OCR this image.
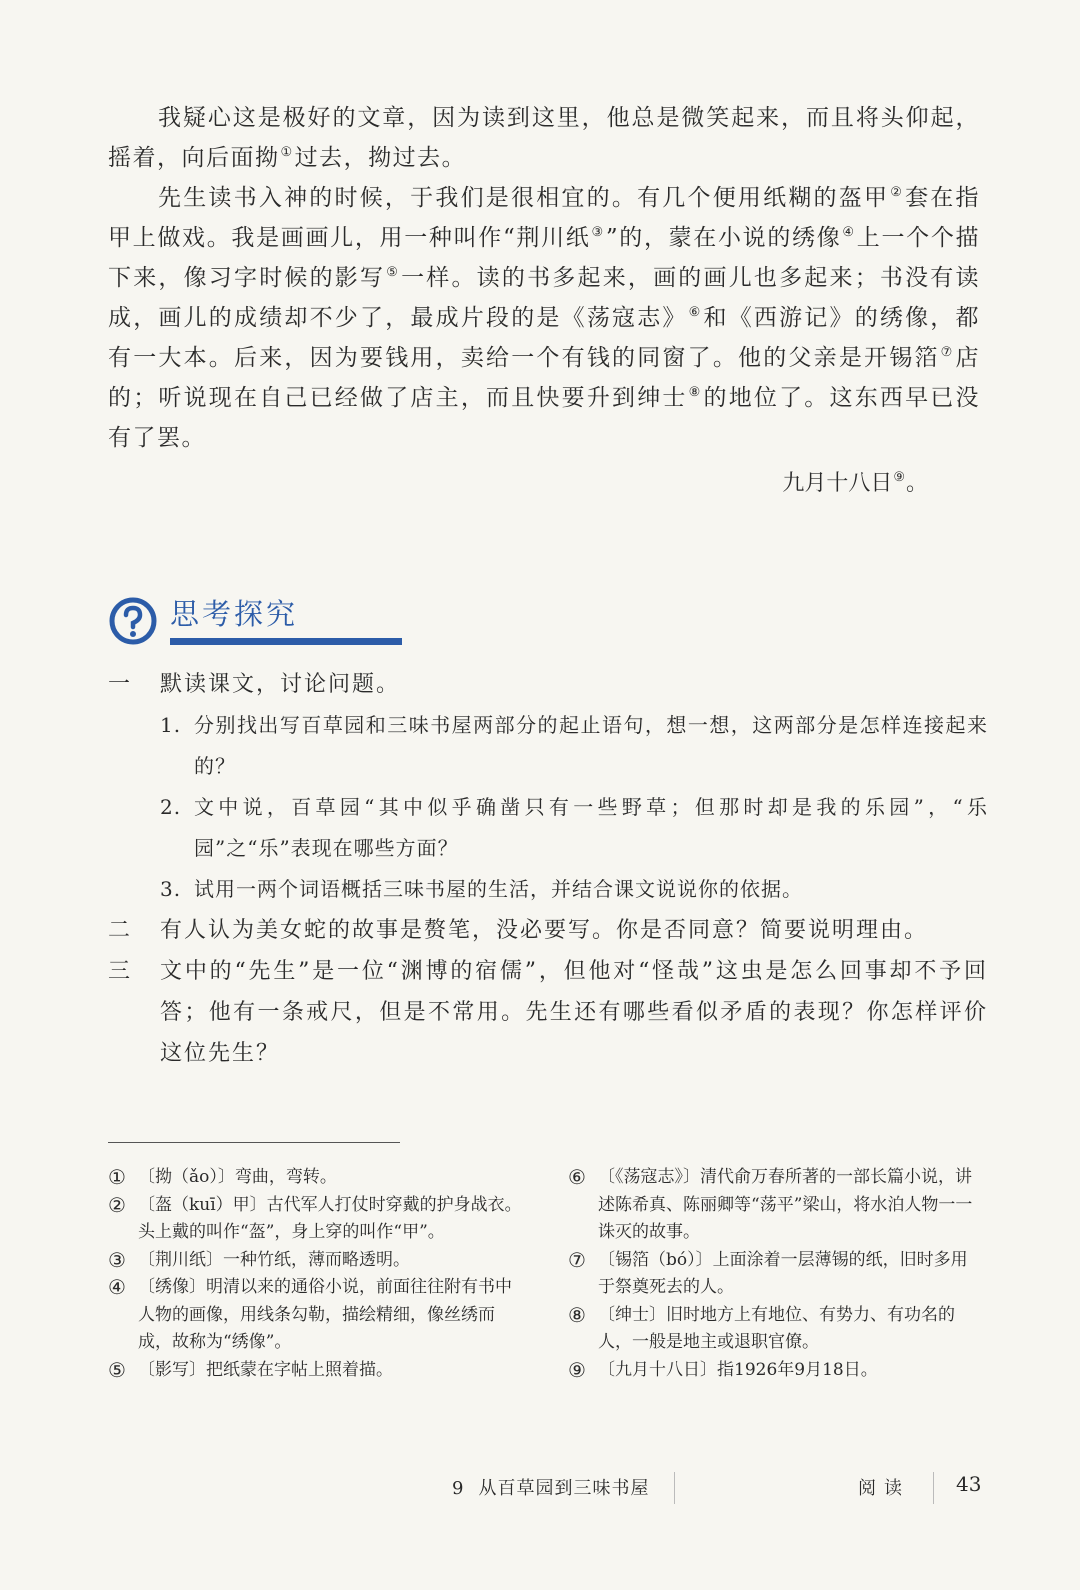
我疑心这是极好的文章，因为读到这里，他总是微笑起来，而且将头仰起，摇着，向后面拗①过去，拗过去。

先生读书入神的时候，于我们是很相宜的。有几个便用纸糊的盔甲②套在指甲上做戏。我是画画儿，用一种叫作“荆川纸③”的，蒙在小说的绣像④上一个个描下来，像习字时候的影写⑤一样。读的书多起来，画的画儿也多起来；书没有读成，画儿的成绩却不少了，最成片段的是《荡寇志》⑥和《西游记》的绣像，都有一大本。后来，因为要钱用，卖给一个有钱的同窗了。他的父亲是开锡箔⑦店的；听说现在自己已经做了店主，而且快要升到绅士⑧的地位了。这东西早已没有了罢。

九月十八日⑨。

思考探究
一	默读课文，讨论问题。
1. 分别找出写百草园和三味书屋两部分的起止语句，想一想，这两部分是怎样连接起来的？
2. 文中说，百草园“其中似乎确凿只有一些野草；但那时却是我的乐园”，“乐园”之“乐”表现在哪些方面？
3. 试用一两个词语概括三味书屋的生活，并结合课文说说你的依据。
二	有人认为美女蛇的故事是赘笔，没必要写。你是否同意？简要说明理由。
三	文中的“先生”是一位“渊博的宿儒”，但他对“怪哉”这虫是怎么回事却不予回答；他有一条戒尺，但是不常用。先生还有哪些看似矛盾的表现？你怎样评价这位先生？
① 〔拗（ǎo）〕弯曲，弯转。
② 〔盔（kuī）甲〕古代军人打仗时穿戴的护身战衣。头上戴的叫作“盔”，身上穿的叫作“甲”。
③ 〔荆川纸〕一种竹纸，薄而略透明。
④ 〔绣像〕明清以来的通俗小说，前面往往附有书中人物的画像，用线条勾勒，描绘精细，像丝绣而成，故称为“绣像”。
⑤ 〔影写〕把纸蒙在字帖上照着描。
⑥ 〔《荡寇志》〕清代俞万春所著的一部长篇小说，讲述陈希真、陈丽卿等“荡平”梁山，将水泊人物一一诛灭的故事。
⑦ 〔锡箔（bó）〕上面涂着一层薄锡的纸，旧时多用于祭奠死去的人。
⑧ 〔绅士〕旧时地方上有地位、有势力、有功名的人，一般是地主或退职官僚。
⑨ 〔九月十八日〕指1926年9月18日。
9 从百草园到三味书屋	阅读 43
